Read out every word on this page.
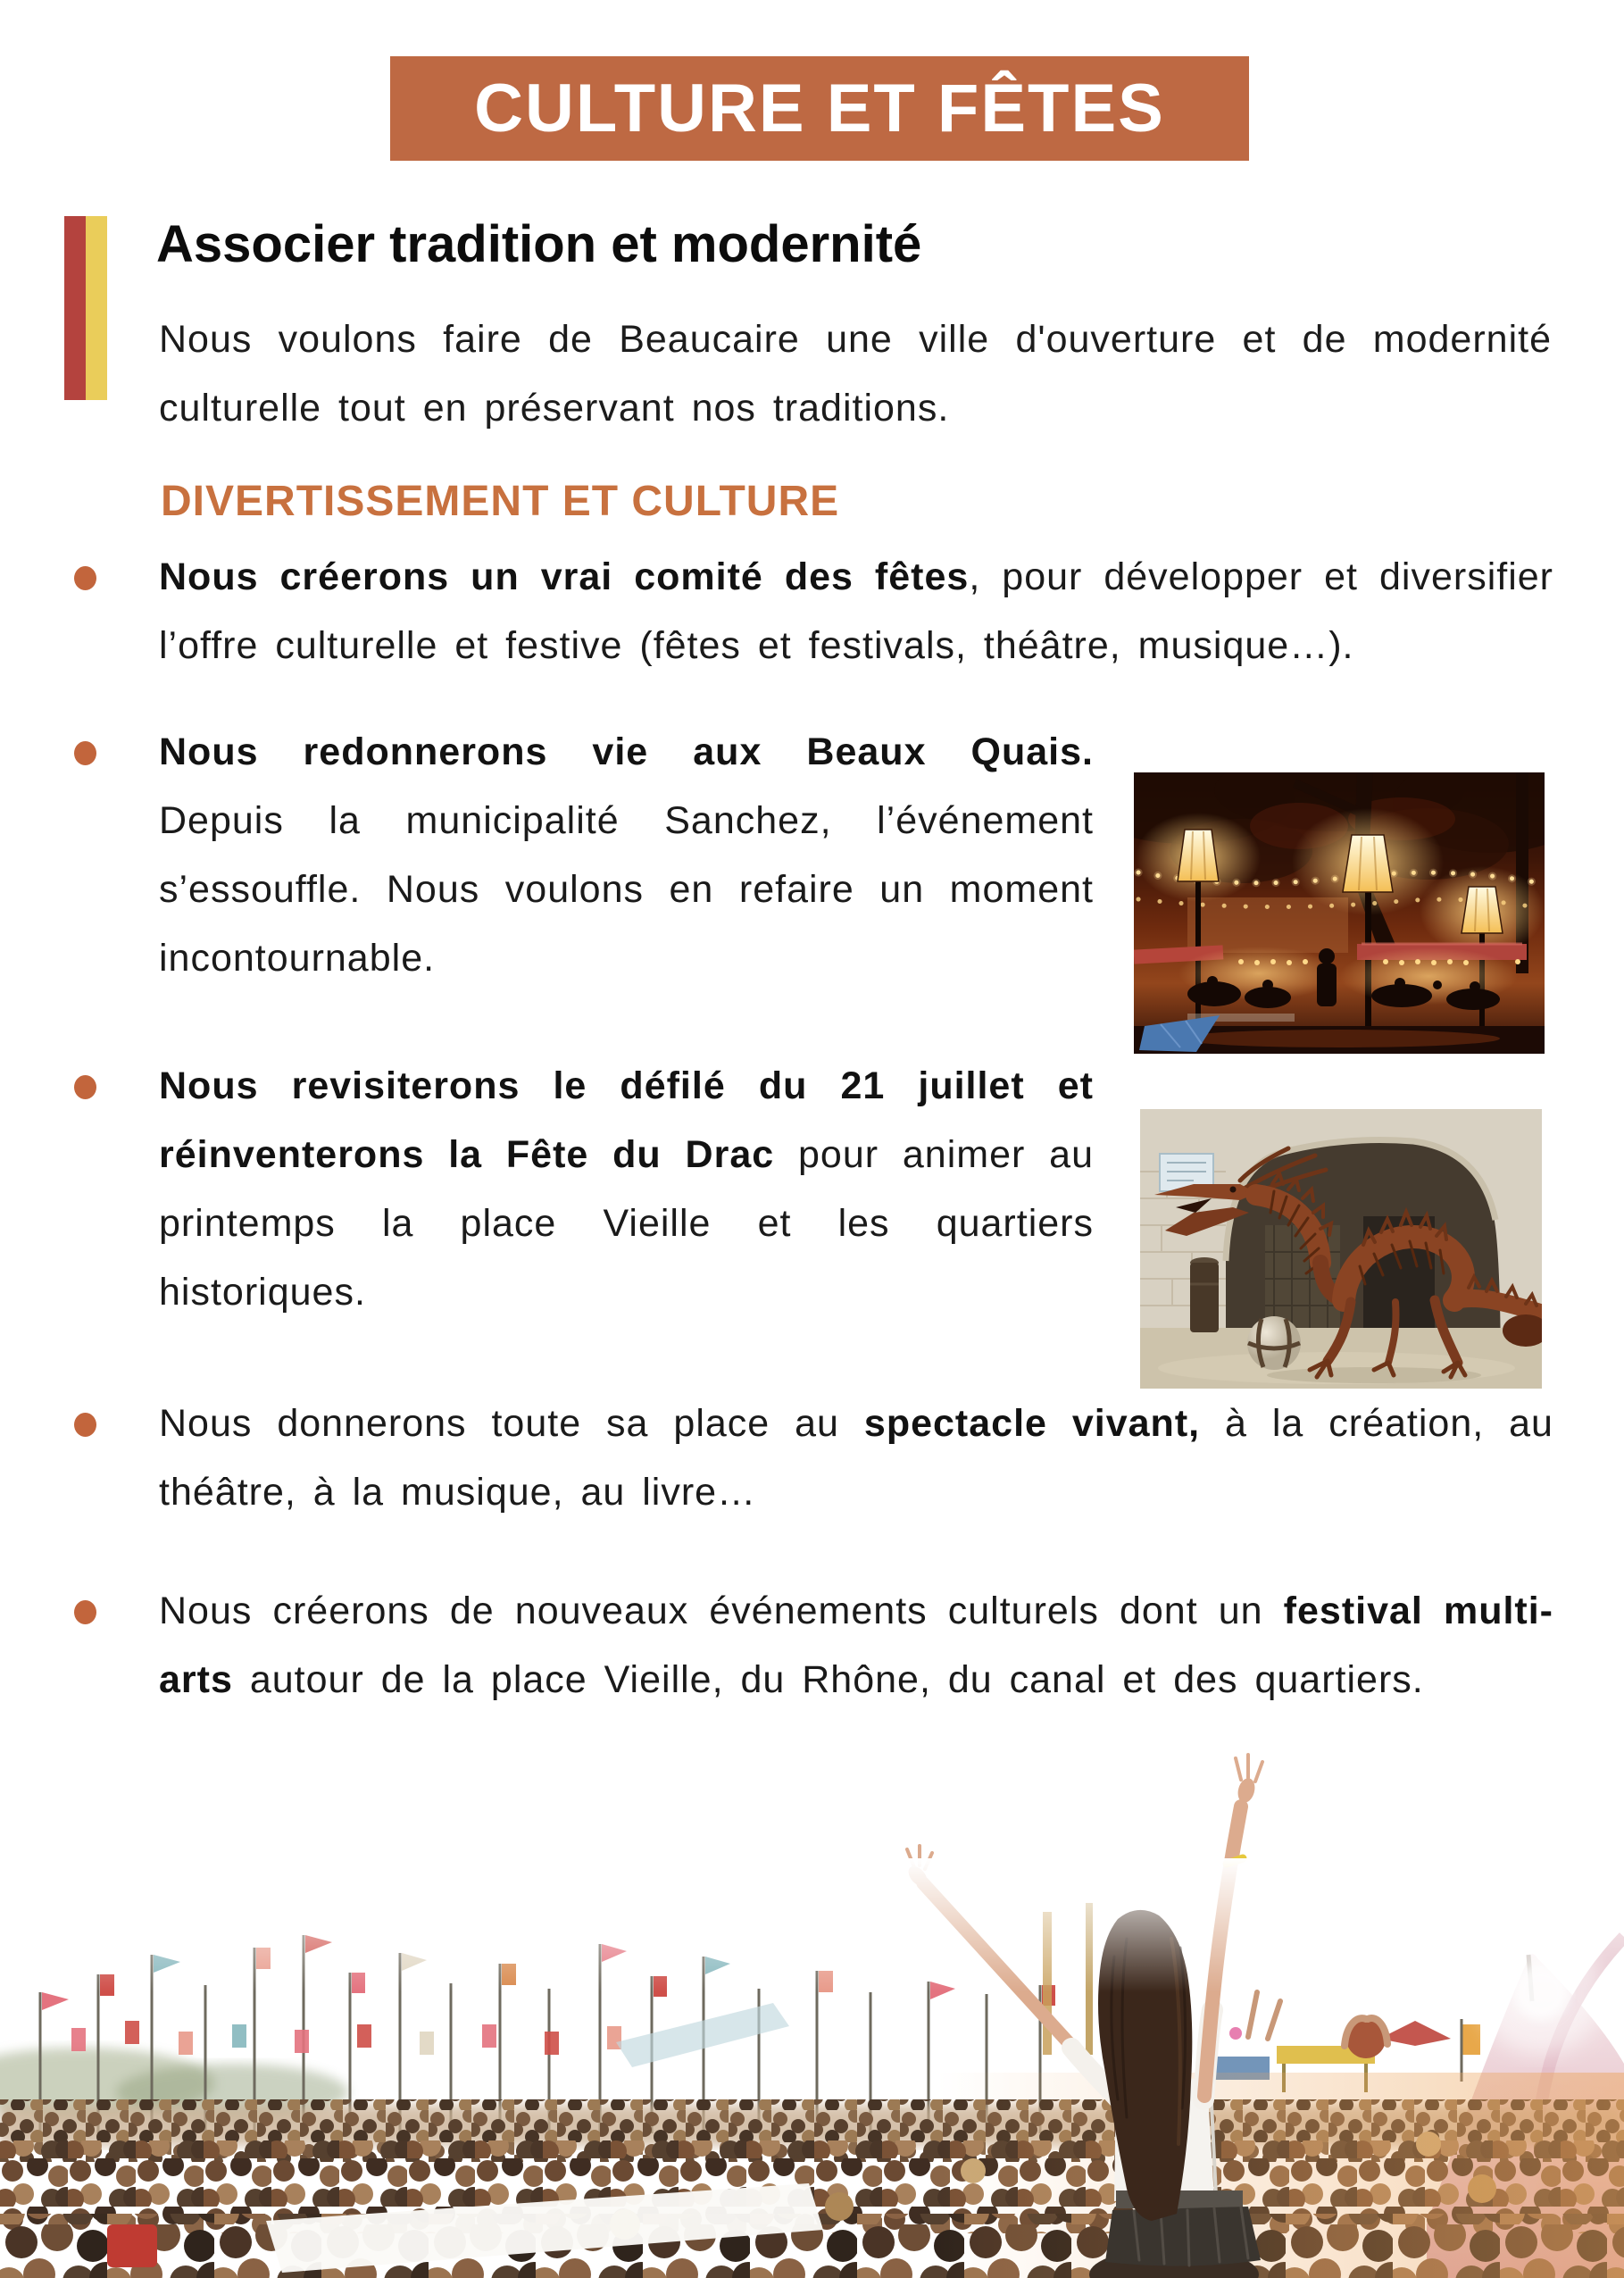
CULTURE ET FÊTES
Associer tradition et modernité
Nous voulons faire de Beaucaire une ville d'ouverture et de modernité culturelle tout en préservant nos traditions.
DIVERTISSEMENT ET CULTURE
Nous créerons un vrai comité des fêtes, pour développer et diversifier l’offre culturelle et festive (fêtes et festivals, théâtre, musique…).
Nous redonnerons vie aux Beaux Quais. Depuis la municipalité Sanchez, l’événement s’essouffle. Nous voulons en refaire un moment incontournable.
Nous revisiterons le défilé du 21 juillet et réinventerons la Fête du Drac pour animer au printemps la place Vieille et les quartiers historiques.
Nous donnerons toute sa place au spectacle vivant, à la création, au théâtre, à la musique, au livre…
Nous créerons de nouveaux événements culturels dont un festival multi-arts autour de la place Vieille, du Rhône, du canal et des quartiers.
